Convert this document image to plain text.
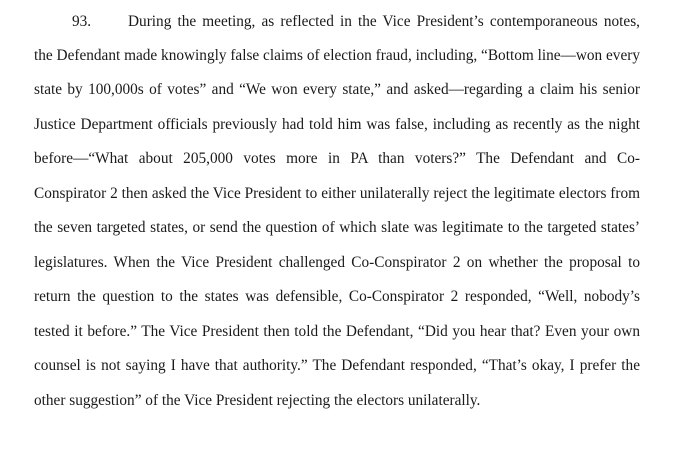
93. During the meeting, as reflected in the Vice President’s contemporaneous notes,
the Defendant made knowingly false claims of election fraud, including, “Bottom line—won every
state by 100,000s of votes” and “We won every state,” and asked—regarding a claim his senior
Justice Department officials previously had told him was false, including as recently as the night
before—“What about 205,000 votes more in PA than voters?” The Defendant and Co-
Conspirator 2 then asked the Vice President to either unilaterally reject the legitimate electors from
the seven targeted states, or send the question of which slate was legitimate to the targeted states’
legislatures. When the Vice President challenged Co-Conspirator 2 on whether the proposal to
return the question to the states was defensible, Co-Conspirator 2 responded, “Well, nobody’s
tested it before.” The Vice President then told the Defendant, “Did you hear that? Even your own
counsel is not saying I have that authority.” The Defendant responded, “That’s okay, I prefer the
other suggestion” of the Vice President rejecting the electors unilaterally.
